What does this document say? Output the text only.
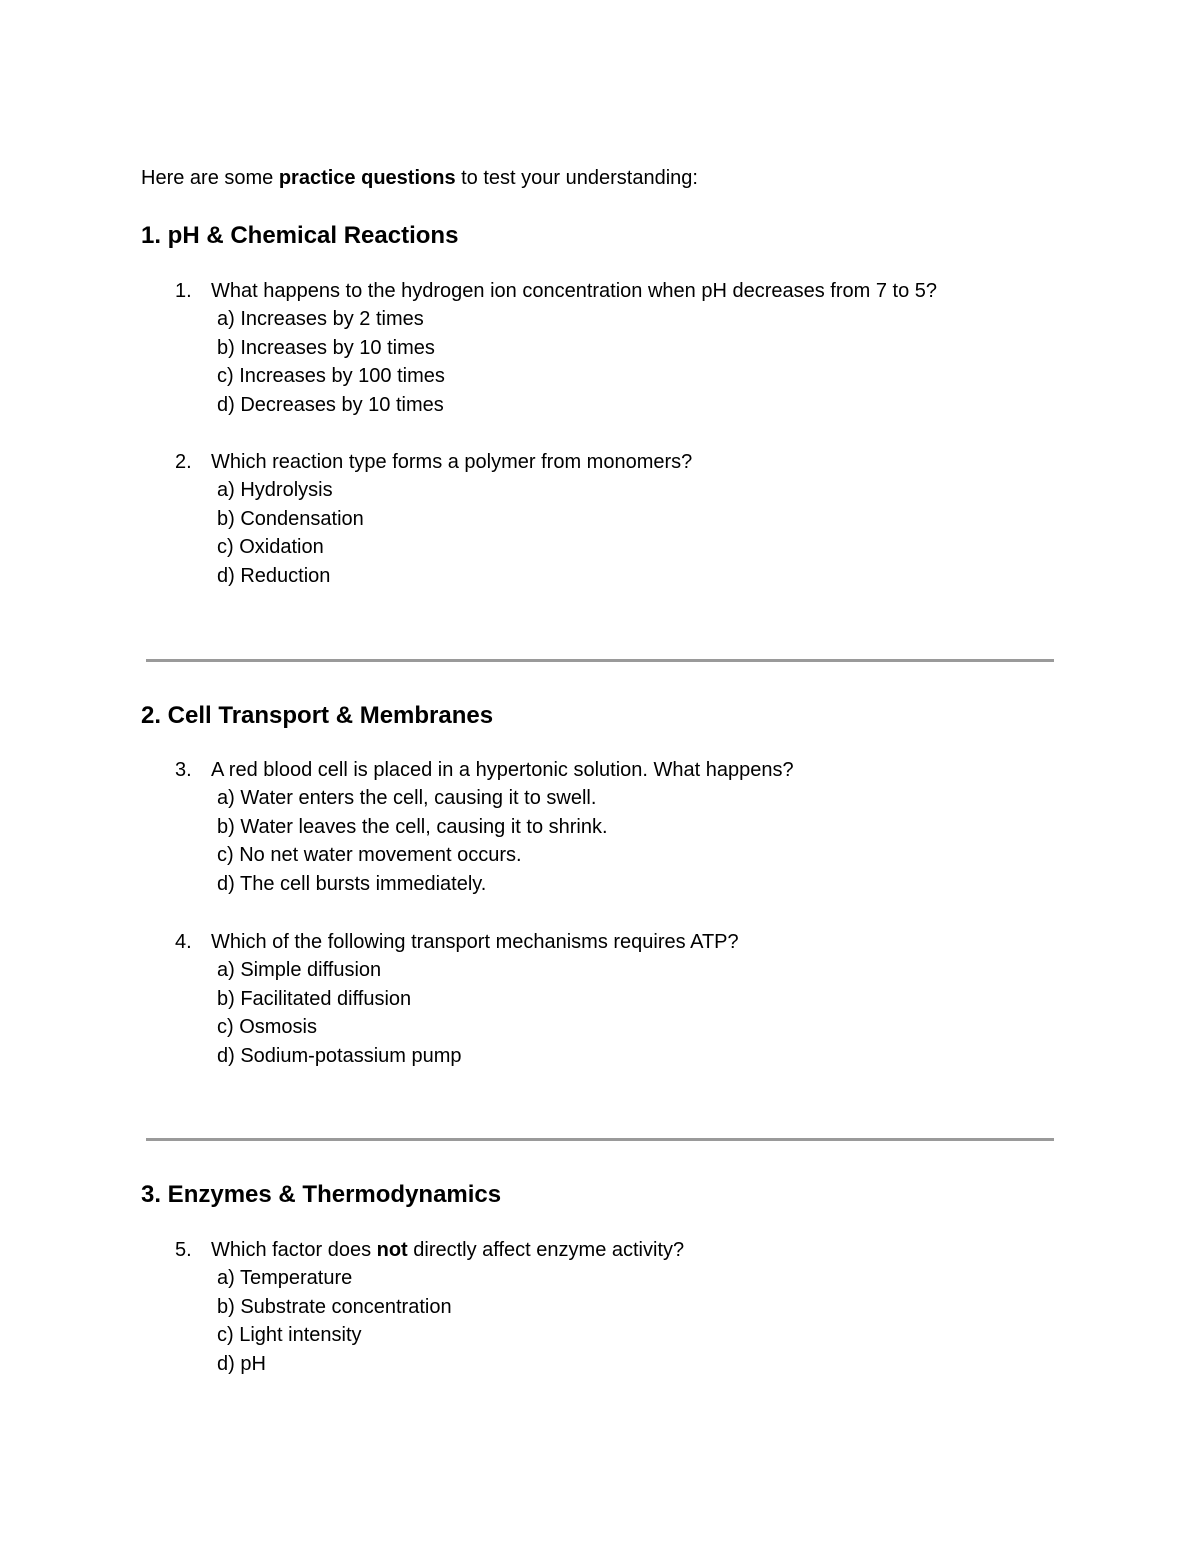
Here are some practice questions to test your understanding:
1. pH & Chemical Reactions
1. What happens to the hydrogen ion concentration when pH decreases from 7 to 5?
a) Increases by 2 times
b) Increases by 10 times
c) Increases by 100 times
d) Decreases by 10 times
2. Which reaction type forms a polymer from monomers?
a) Hydrolysis
b) Condensation
c) Oxidation
d) Reduction
2. Cell Transport & Membranes
3. A red blood cell is placed in a hypertonic solution. What happens?
a) Water enters the cell, causing it to swell.
b) Water leaves the cell, causing it to shrink.
c) No net water movement occurs.
d) The cell bursts immediately.
4. Which of the following transport mechanisms requires ATP?
a) Simple diffusion
b) Facilitated diffusion
c) Osmosis
d) Sodium-potassium pump
3. Enzymes & Thermodynamics
5. Which factor does not directly affect enzyme activity?
a) Temperature
b) Substrate concentration
c) Light intensity
d) pH
